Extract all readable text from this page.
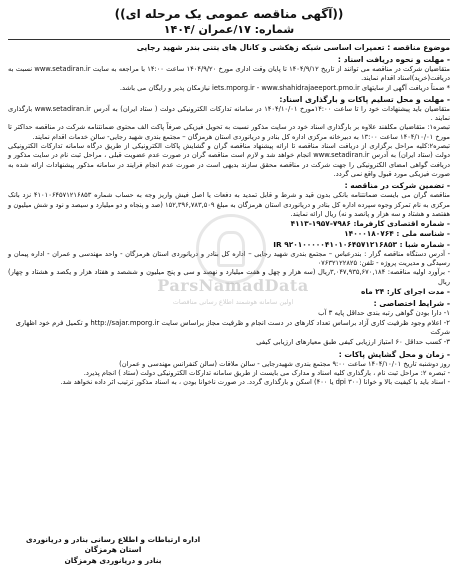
((آگهی مناقصه عمومی یک مرحله ای))

شماره: ۱۷/عمران /۱۴۰۴

موضوع مناقصه : تعمیرات اساسی شبکه زهکشی و کانال های بتنی بندر شهید رجایی

- مهلت و نحوه دریافت اسناد :

متقاضیان شرکت در مناقصه می توانند از تاریخ ۱۴۰۴/۹/۱۲ تا پایان وقت اداری مورخ ۱۴۰۴/۹/۲۰ ساعت ۱۴:۰۰ با مراجعه به سایت www.setadiran.ir نسبت به دریافت(خرید)اسناد اقدام نمایند.

* ضمناً دریافت آگهی از سایتهای iets.mporg.ir - www.shahidrajaeeport.pmo.ir نیازمکان پذیر و رایگان می باشد.

- مهلت و محل تسلیم پاکات و بارگذاری اسناد:

متقاضیان باید پیشنهادات خود را تا ساعت ۱۴:۰۰مورخ ۱۴۰۴/۱۰/۰۱ در سامانه تدارکات الکترونیکی دولت ( ستاد ایران) به آدرس www.setadiran.ir بارگذاری نمایند .

تبصره۱: متقاضیان مکلفند علاوه بر بارگذاری اسناد خود در سایت مذکور نسبت به تحویل فیزیکی صرفاً پاکت الف محتوی ضمانتنامه شرکت در مناقصه حداکثر تا مورخ ۱۴۰۴/۱۰/۰۱ ساعت ۱۳:۰۰ به دبیرخانه مرکزی اداره کل بنادر و دریانوردی استان هرمزگان – مجتمع بندری شهید رجایی- سالن خدمات اقدام نمایند.

تبصره۲:کلیه مراحل برگزاری از دریافت اسناد مناقصه تا ارائه پیشنهاد مناقصه گران و گشایش پاکات الکترونیکی از طریق درگاه سامانه تدارکات الکترونیکی دولت (ستاد ایران) به آدرس www.setadiran.ir انجام خواهد شد و لازم است مناقصه گران در صورت عدم عضویت قبلی ، مراحل ثبت نام در سایت مذکور و دریافت گواهی امضای الکترونیکی را جهت شرکت در مناقصه محقق سازند بدیهی است در صورت عدم انجام فرایند در سامانه مذکور پیشنهادات ارائه شده به صورت فیزیکی مورد قبول واقع نمی گردد.

- تضمین شرکت در مناقصه :

مناقصه گران می بایست ضمانتنامه بانکی بدون قید و شرط و قابل تمدید به دفعات یا اصل فیش واریز وجه به حساب شماره ۴۱۰۱۰۶۴۵۷۱۲۱۶۸۵۳ نزد بانک مرکزی به نام تمرکز وجوه سپرده اداره کل بنادر و دریانوردی استان هرمزگان به مبلغ ۱۵۲,۳۹۶,۷۸۳,۵۰۹ (صد و پنجاه و دو میلیارد و سیصد و نود و شش میلیون و هفتصد و هشتاد و سه هزار و پانصد و نه) ریال ارائه نمایند.

- شماره اقتصادی کارفرما: ۷۹۸۶-۱۹۵۷-۴۱۱۳

- شناسه ملی : ۱۴۰۰۰۱۸۰۷۶۴

- شماره شبا : IR ۹۲۰۱۰۰۰۰۰۴۱۰۱۰۶۴۵۷۱۲۱۶۸۵۳

- آدرس دستگاه مناقصه گزار : بندرعباس – مجتمع بندری شهید رجایی – اداره کل بنادر و دریانوردی استان هرمزگان - واحد مهندسی و عمران - اداره پیمان و رسیدگی و مدیریت پروژه - تلفن: ۰۷۶۳۲۱۲۲۸۲۵

- برآورد اولیه مناقصه: ۳,۰۴۷,۹۳۵,۶۷۰,۱۸۴ریال (سه هزار و چهل و هفت میلیارد و نهصد و سی و پنج میلیون و ششصد و هفتاد هزار و یکصد و هشتاد و چهار) ریال

- مدت اجرای کار: ۲۴ ماه

- شرایط اختصاصی :

۱- دارا بودن گواهی رتبه بندی حداقل پایه ۳ آب

۲- اعلام وجود ظرفیت کاری آزاد براساس تعداد کارهای در دست انجام و ظرفیت مجاز براساس سایت http://sajar.mporg.ir و تکمیل فرم خود اظهاری شرکت

۳- کسب حداقل ۶۰ امتیاز ارزیابی کیفی طبق معیارهای ارزیابی کیفی

- زمان و محل گشایش پاکات :

روز دوشنبه تاریخ ۱۴۰۴/۱۰/۰۱ ساعت ۹:۰۰ مجتمع بندری شهیدرجایی - سالن ملاقات (سالن کنفرانس مهندسی و عمران)

- تبصره ۲: مراحل ثبت نام ، بارگذاری کلیه اسناد و مدارک می بایست از طریق سامانه تدارکات الکترونیکی دولت (ستاد ) انجام پذیرد.

- اسناد باید با کیفیت بالا و خوانا (۳۰۰ dpi یا ۴۰۰) اسکن و بارگذاری گردد. در صورت ناخوانا بودن ، به اسناد مذکور ترتیب اثر داده نخواهد شد.

ParsNamadData
اولین سامانه هوشمند اطلاع رسانی مناقصات
اداره ارتباطات و اطلاع رسانی بنادر و دریانوردی استان هرمزگان
بنادر و دریانوردی هرمزگان
